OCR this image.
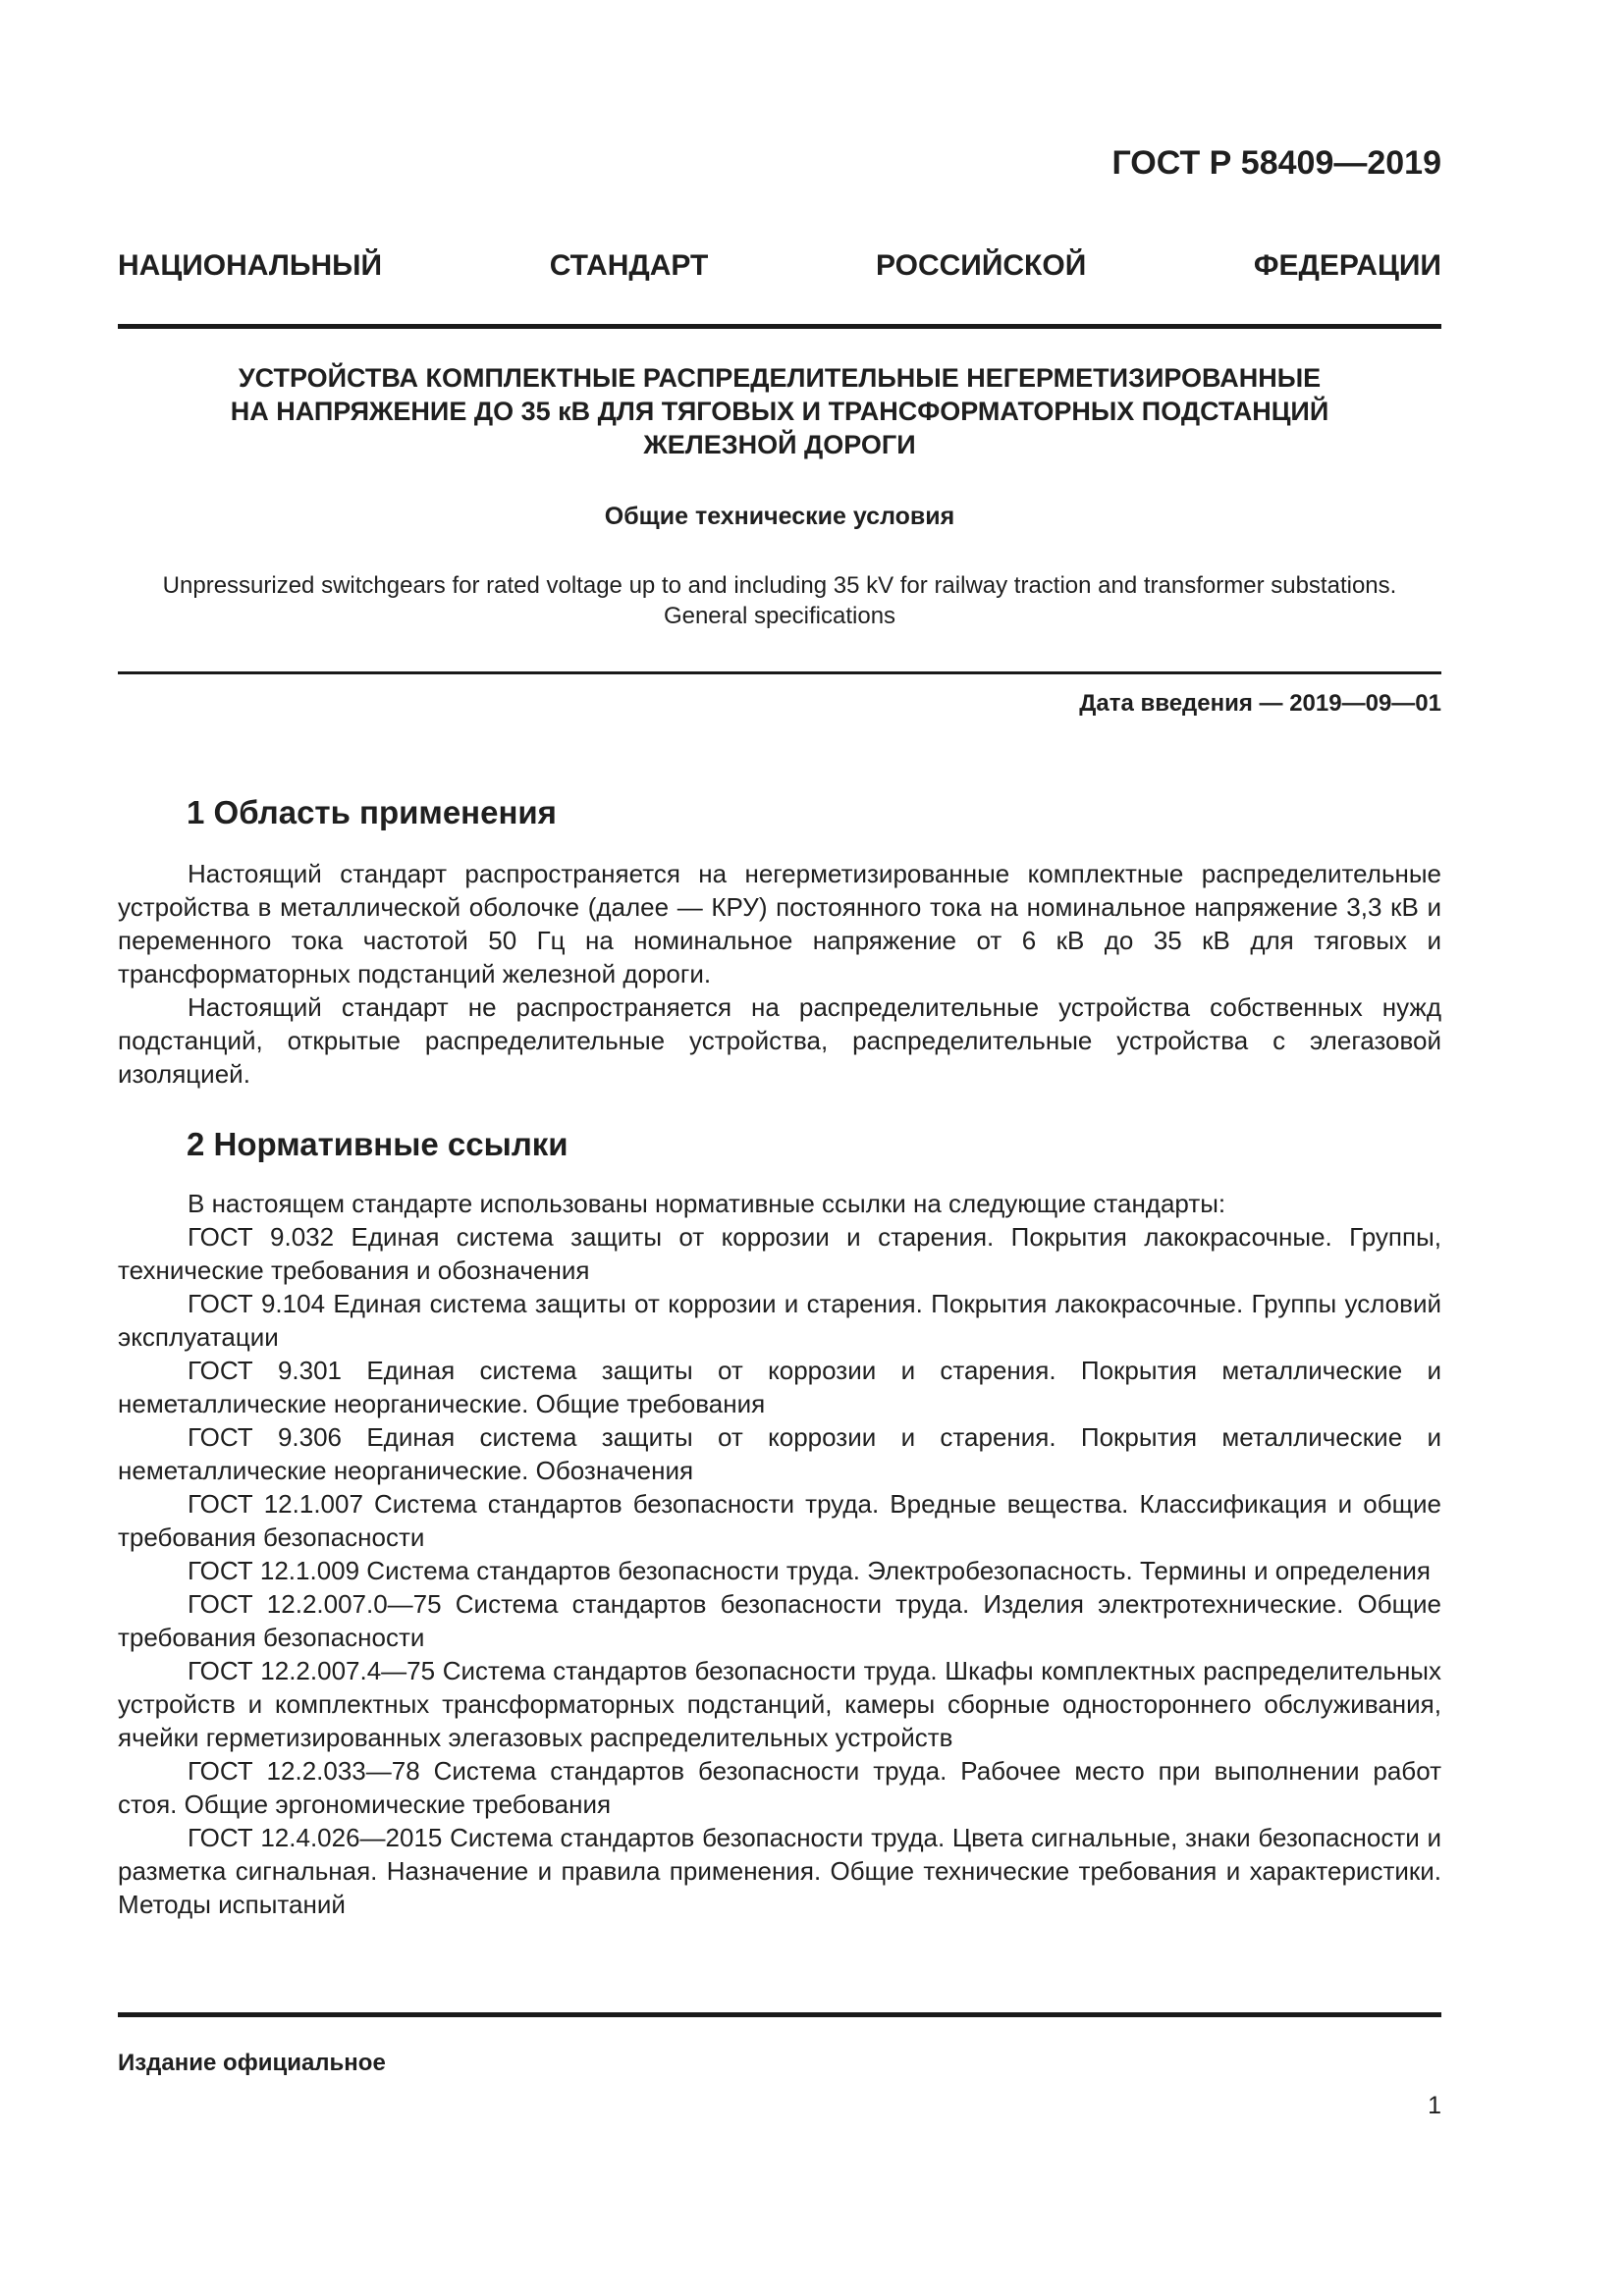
ГОСТ Р 58409—2019
НАЦИОНАЛЬНЫЙ СТАНДАРТ РОССИЙСКОЙ ФЕДЕРАЦИИ
УСТРОЙСТВА КОМПЛЕКТНЫЕ РАСПРЕДЕЛИТЕЛЬНЫЕ НЕГЕРМЕТИЗИРОВАННЫЕ
НА НАПРЯЖЕНИЕ ДО 35 кВ ДЛЯ ТЯГОВЫХ И ТРАНСФОРМАТОРНЫХ ПОДСТАНЦИЙ
ЖЕЛЕЗНОЙ ДОРОГИ
Общие технические условия
Unpressurized switchgears for rated voltage up to and including 35 kV for railway traction and transformer substations.
General specifications
Дата введения — 2019—09—01
1 Область применения

Настоящий стандарт распространяется на негерметизированные комплектные распределительные устройства в металлической оболочке (далее — КРУ) постоянного тока на номинальное напряжение 3,3 кВ и переменного тока частотой 50 Гц на номинальное напряжение от 6 кВ до 35 кВ для тяговых и трансформаторных подстанций железной дороги.

Настоящий стандарт не распространяется на распределительные устройства собственных нужд подстанций, открытые распределительные устройства, распределительные устройства с элегазовой изоляцией.

2 Нормативные ссылки

В настоящем стандарте использованы нормативные ссылки на следующие стандарты:

ГОСТ 9.032 Единая система защиты от коррозии и старения. Покрытия лакокрасочные. Группы, технические требования и обозначения

ГОСТ 9.104 Единая система защиты от коррозии и старения. Покрытия лакокрасочные. Группы условий эксплуатации

ГОСТ 9.301 Единая система защиты от коррозии и старения. Покрытия металлические и неметаллические неорганические. Общие требования

ГОСТ 9.306 Единая система защиты от коррозии и старения. Покрытия металлические и неметаллические неорганические. Обозначения

ГОСТ 12.1.007 Система стандартов безопасности труда. Вредные вещества. Классификация и общие требования безопасности

ГОСТ 12.1.009 Система стандартов безопасности труда. Электробезопасность. Термины и определения

ГОСТ 12.2.007.0—75 Система стандартов безопасности труда. Изделия электротехнические. Общие требования безопасности

ГОСТ 12.2.007.4—75 Система стандартов безопасности труда. Шкафы комплектных распределительных устройств и комплектных трансформаторных подстанций, камеры сборные одностороннего обслуживания, ячейки герметизированных элегазовых распределительных устройств

ГОСТ 12.2.033—78 Система стандартов безопасности труда. Рабочее место при выполнении работ стоя. Общие эргономические требования

ГОСТ 12.4.026—2015 Система стандартов безопасности труда. Цвета сигнальные, знаки безопасности и разметка сигнальная. Назначение и правила применения. Общие технические требования и характеристики. Методы испытаний

Издание официальное
1
